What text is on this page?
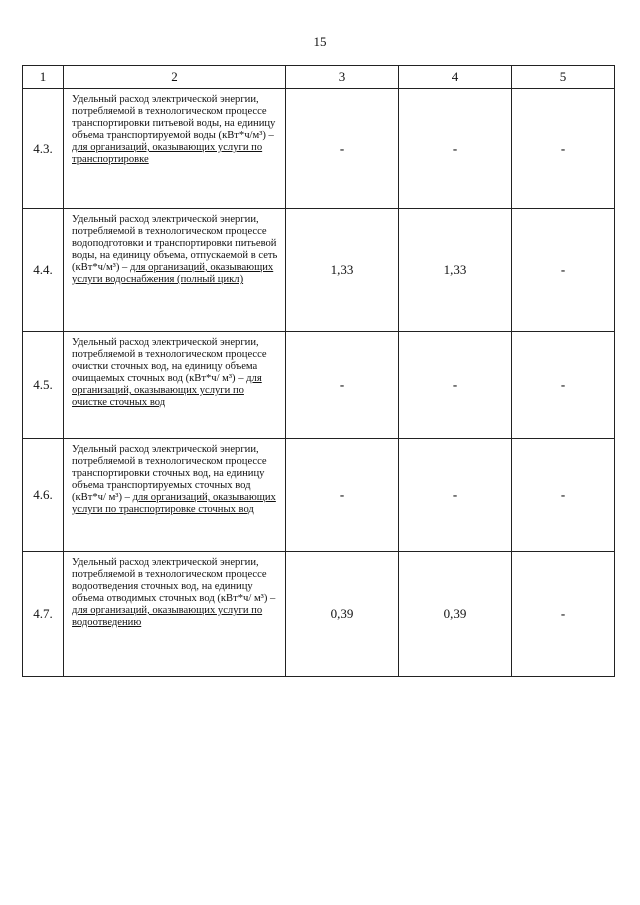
15
1	2	3	4	5
4.3.	Удельный расход электрической энергии, потребляемой в технологическом процессе транспортировки питьевой воды, на единицу объема транспортируемой воды (кВт*ч/м³) – для организаций, оказывающих услуги по транспортировке	-	-	-
4.4.	Удельный расход электрической энергии, потребляемой в технологическом процессе водоподготовки и транспортировки питьевой воды, на единицу объема, отпускаемой в сеть (кВт*ч/м³) – для организаций, оказывающих услуги водоснабжения (полный цикл)	1,33	1,33	-
4.5.	Удельный расход электрической энергии, потребляемой в технологическом процессе очистки сточных вод, на единицу объема очищаемых сточных вод (кВт*ч/ м³) – для организаций, оказывающих услуги по очистке сточных вод	-	-	-
4.6.	Удельный расход электрической энергии, потребляемой в технологическом процессе транспортировки сточных вод, на единицу объема транспортируемых сточных вод (кВт*ч/ м³) – для организаций, оказывающих услуги по транспортировке сточных вод	-	-	-
4.7.	Удельный расход электрической энергии, потребляемой в технологическом процессе водоотведения сточных вод, на единицу объема отводимых сточных вод (кВт*ч/ м³) – для организаций, оказывающих услуги по водоотведению	0,39	0,39	-
